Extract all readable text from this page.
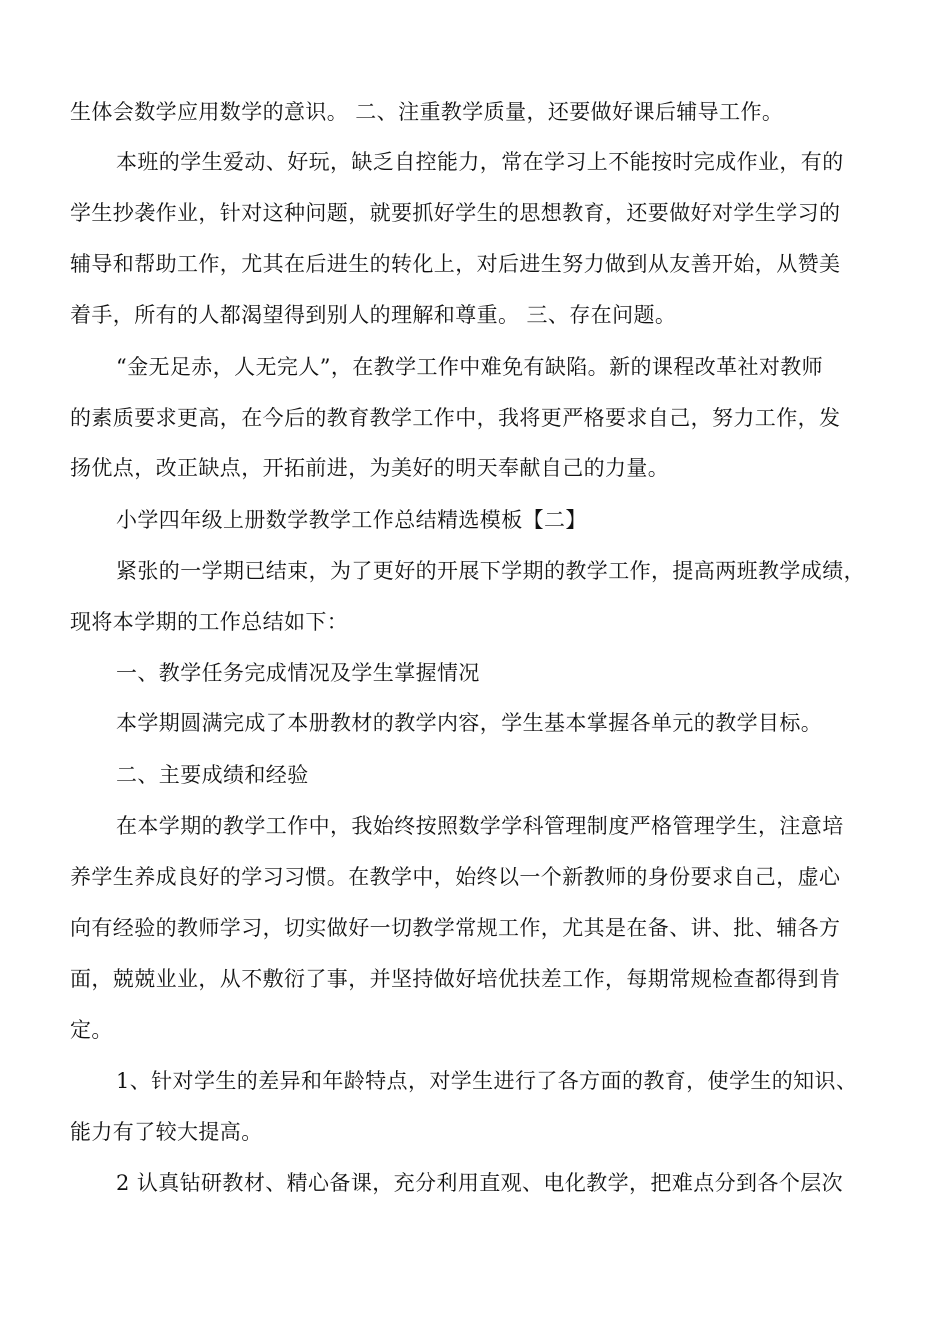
生体会数学应用数学的意识。 二、注重教学质量，还要做好课后辅导工作。
本班的学生爱动、好玩，缺乏自控能力，常在学习上不能按时完成作业，有的
学生抄袭作业，针对这种问题，就要抓好学生的思想教育，还要做好对学生学习的
辅导和帮助工作，尤其在后进生的转化上，对后进生努力做到从友善开始，从赞美
着手，所有的人都渴望得到别人的理解和尊重。 三、存在问题。
“金无足赤，人无完人”，在教学工作中难免有缺陷。新的课程改革社对教师
的素质要求更高，在今后的教育教学工作中，我将更严格要求自己，努力工作，发
扬优点，改正缺点，开拓前进，为美好的明天奉献自己的力量。
小学四年级上册数学教学工作总结精选模板【二】
紧张的一学期已结束，为了更好的开展下学期的教学工作，提高两班教学成绩，
现将本学期的工作总结如下：
一、教学任务完成情况及学生掌握情况
本学期圆满完成了本册教材的教学内容，学生基本掌握各单元的教学目标。
二、主要成绩和经验
在本学期的教学工作中，我始终按照数学学科管理制度严格管理学生，注意培
养学生养成良好的学习习惯。在教学中，始终以一个新教师的身份要求自己，虚心
向有经验的教师学习，切实做好一切教学常规工作，尤其是在备、讲、批、辅各方
面，兢兢业业，从不敷衍了事，并坚持做好培优扶差工作，每期常规检查都得到肯
定。
1、针对学生的差异和年龄特点，对学生进行了各方面的教育，使学生的知识、
能力有了较大提高。
2 认真钻研教材、精心备课，充分利用直观、电化教学，把难点分到各个层次
